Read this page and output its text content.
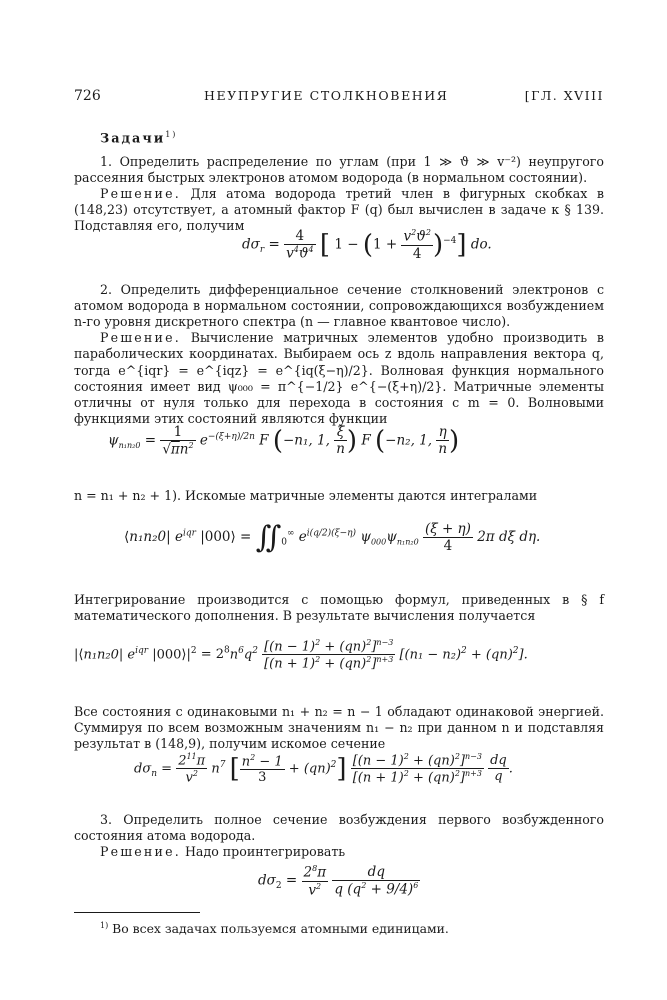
726	НЕУПРУГИЕ СТОЛКНОВЕНИЯ	[ГЛ. XVIII
Задачи$^{1)}$

1. Определить распределение по углам (при 1 ≫ ϑ ≫ v⁻²) неупругого рассеяния быстрых электронов атомом водорода (в нормальном состоянии).

Решение. Для атома водорода третий член в фигурных скобках в (148,23) отсутствует, а атомный фактор F (q) был вычислен в задаче к § 139. Подставляя его, получим

$d\sigma_r = \frac{4}{v^4ϑ^4}$ [ $1 - (1 + \frac{v^2ϑ^2}{4} )^{-4}$] do.

2. Определить дифференциальное сечение столкновений электронов с атомом водорода в нормальном состоянии, сопровождающихся возбуждением n-го уровня дискретного спектра (n — главное квантовое число).

Решение. Вычисление матричных элементов удобно производить в параболических координатах. Выбираем ось z вдоль направления вектора q, тогда e^{iqr} = e^{iqz} = e^{iq(ξ−η)/2}. Волновая функция нормального состояния имеет вид ψ₀₀₀ = π^{−1/2} e^{−(ξ+η)/2}. Матричные элементы отличны от нуля только для перехода в состояния с m = 0. Волновыми функциями этих состояний являются функции

$\psi_{n_1n_20} = \frac{1}{√\pi n^2} e^{-(\xi+\eta)/2n}$ F (−n₁, 1, $\frac{\xi}{n}$ ) F (−n₂, 1, $\frac{\eta}{n}$ )

n = n₁ + n₂ + 1). Искомые матричные элементы даются интегралами

⟨n₁n₂0| $e^{iqr}$ |000⟩ = $∬_0^\infty$ $e^{i(q/2)(\xi-\eta)}$ $\psi_{000}\psi_{n_1n_20} \frac{(\xi + \eta)}{4} 2\pi$ dξ dη.

Интегрирование производится с помощью формул, приведенных в § f математического дополнения. В результате вычисления получается

|⟨n₁n₂0| $e^{iqr}$ $|000⟩|^2 = 2^8n^6q^2 \frac{[(n - 1)^2 + (qn)^2]^{n-3}}{[(n + 1)^2 + (qn)^2]^{n+3}} [(n_1 - n_2)^2 + (qn)^2]$.

Все состояния с одинаковыми n₁ + n₂ = n − 1 обладают одинаковой энергией. Суммируя по всем возможным значениям n₁ − n₂ при данном n и подставляя результат в (148,9), получим искомое сечение

$d\sigma_n = \frac{2^{11}\pi}{v^2} n^7$ [ $\frac{n^2 - 1}{3} + (qn)^2] \frac{[(n - 1)^2 + (qn)^2]^{n-3}}{[(n + 1)^2 + (qn)^2]^{n+3}}$
$\frac{dq}{q}$ .

3. Определить полное сечение возбуждения первого возбужденного состояния атома водорода.

Решение. Надо проинтегрировать

$d\sigma_2 = \frac{2^8\pi}{v^2}$
$\frac{dq}{q (q^2 + 9/4)^6}$
$^{1)}$ Во всех задачах пользуемся атомными единицами.
